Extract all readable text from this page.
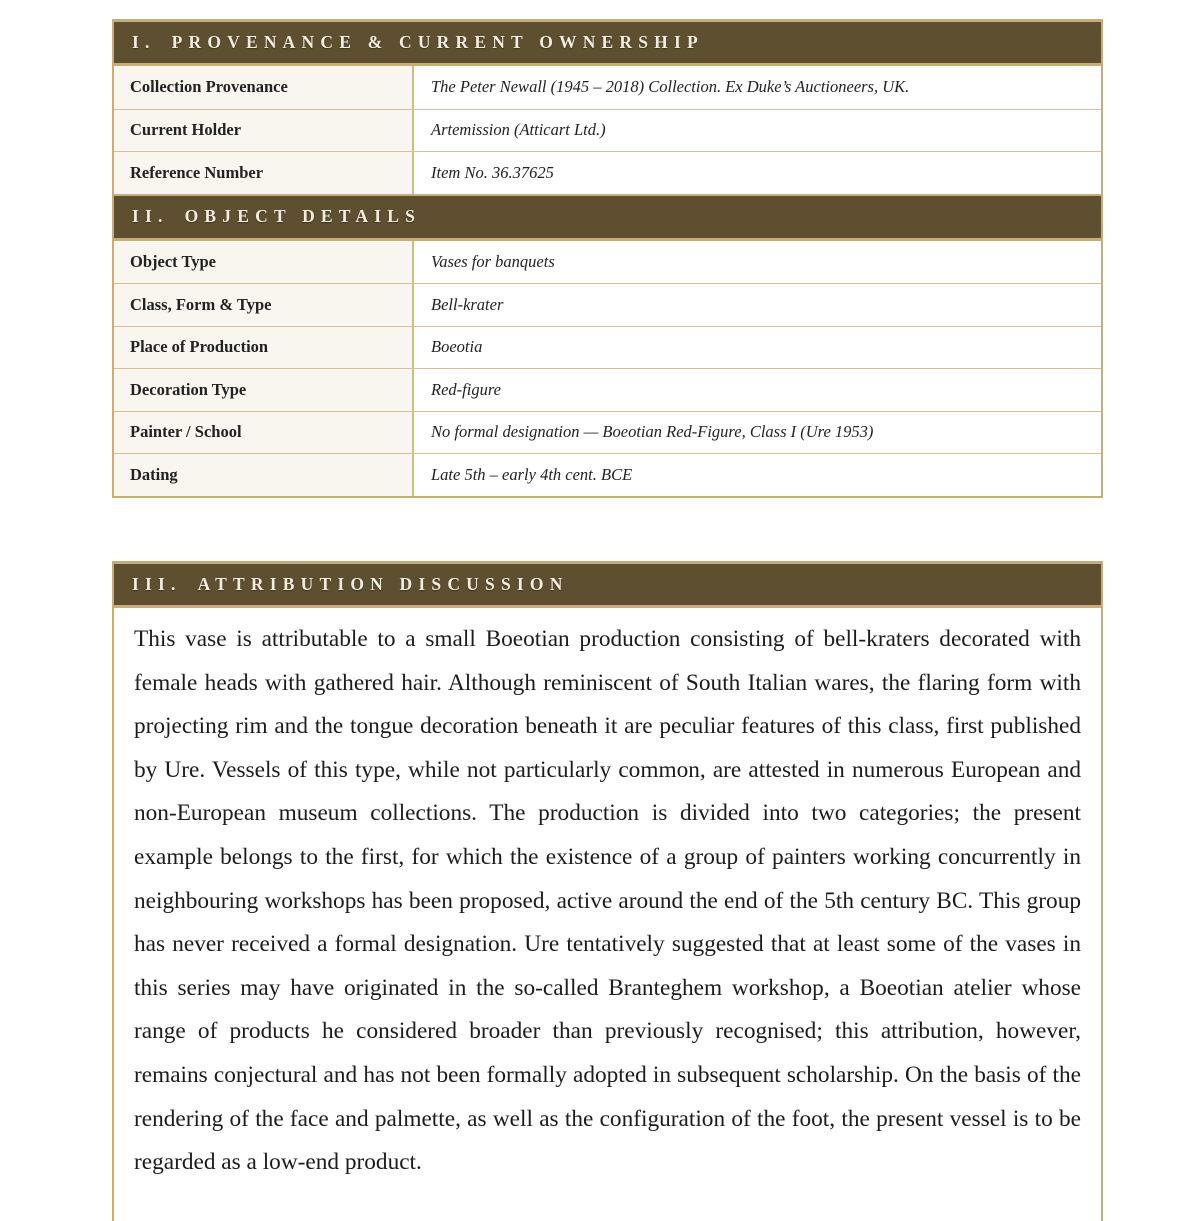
I. PROVENANCE & CURRENT OWNERSHIP
Collection Provenance	The Peter Newall (1945 – 2018) Collection. Ex Duke’s Auctioneers, UK.
Current Holder	Artemission (Atticart Ltd.)
Reference Number	Item No. 36.37625
II. OBJECT DETAILS
Object Type	Vases for banquets
Class, Form & Type	Bell-krater
Place of Production	Boeotia
Decoration Type	Red-figure
Painter / School	No formal designation — Boeotian Red-Figure, Class I (Ure 1953)
Dating	Late 5th – early 4th cent. BCE
III. ATTRIBUTION DISCUSSION

This vase is attributable to a small Boeotian production consisting of bell-kraters decorated with female heads with gathered hair. Although reminiscent of South Italian wares, the flaring form with projecting rim and the tongue decoration beneath it are peculiar features of this class, first published by Ure. Vessels of this type, while not particularly common, are attested in numerous European and non-European museum collections. The production is divided into two categories; the present example belongs to the first, for which the existence of a group of painters working concurrently in neighbouring workshops has been proposed, active around the end of the 5th century BC. This group has never received a formal designation. Ure tentatively suggested that at least some of the vases in this series may have originated in the so-called Branteghem workshop, a Boeotian atelier whose range of products he considered broader than previously recognised; this attribution, however, remains conjectural and has not been formally adopted in subsequent scholarship. On the basis of the rendering of the face and palmette, as well as the configuration of the foot, the present vessel is to be regarded as a low-end product.
